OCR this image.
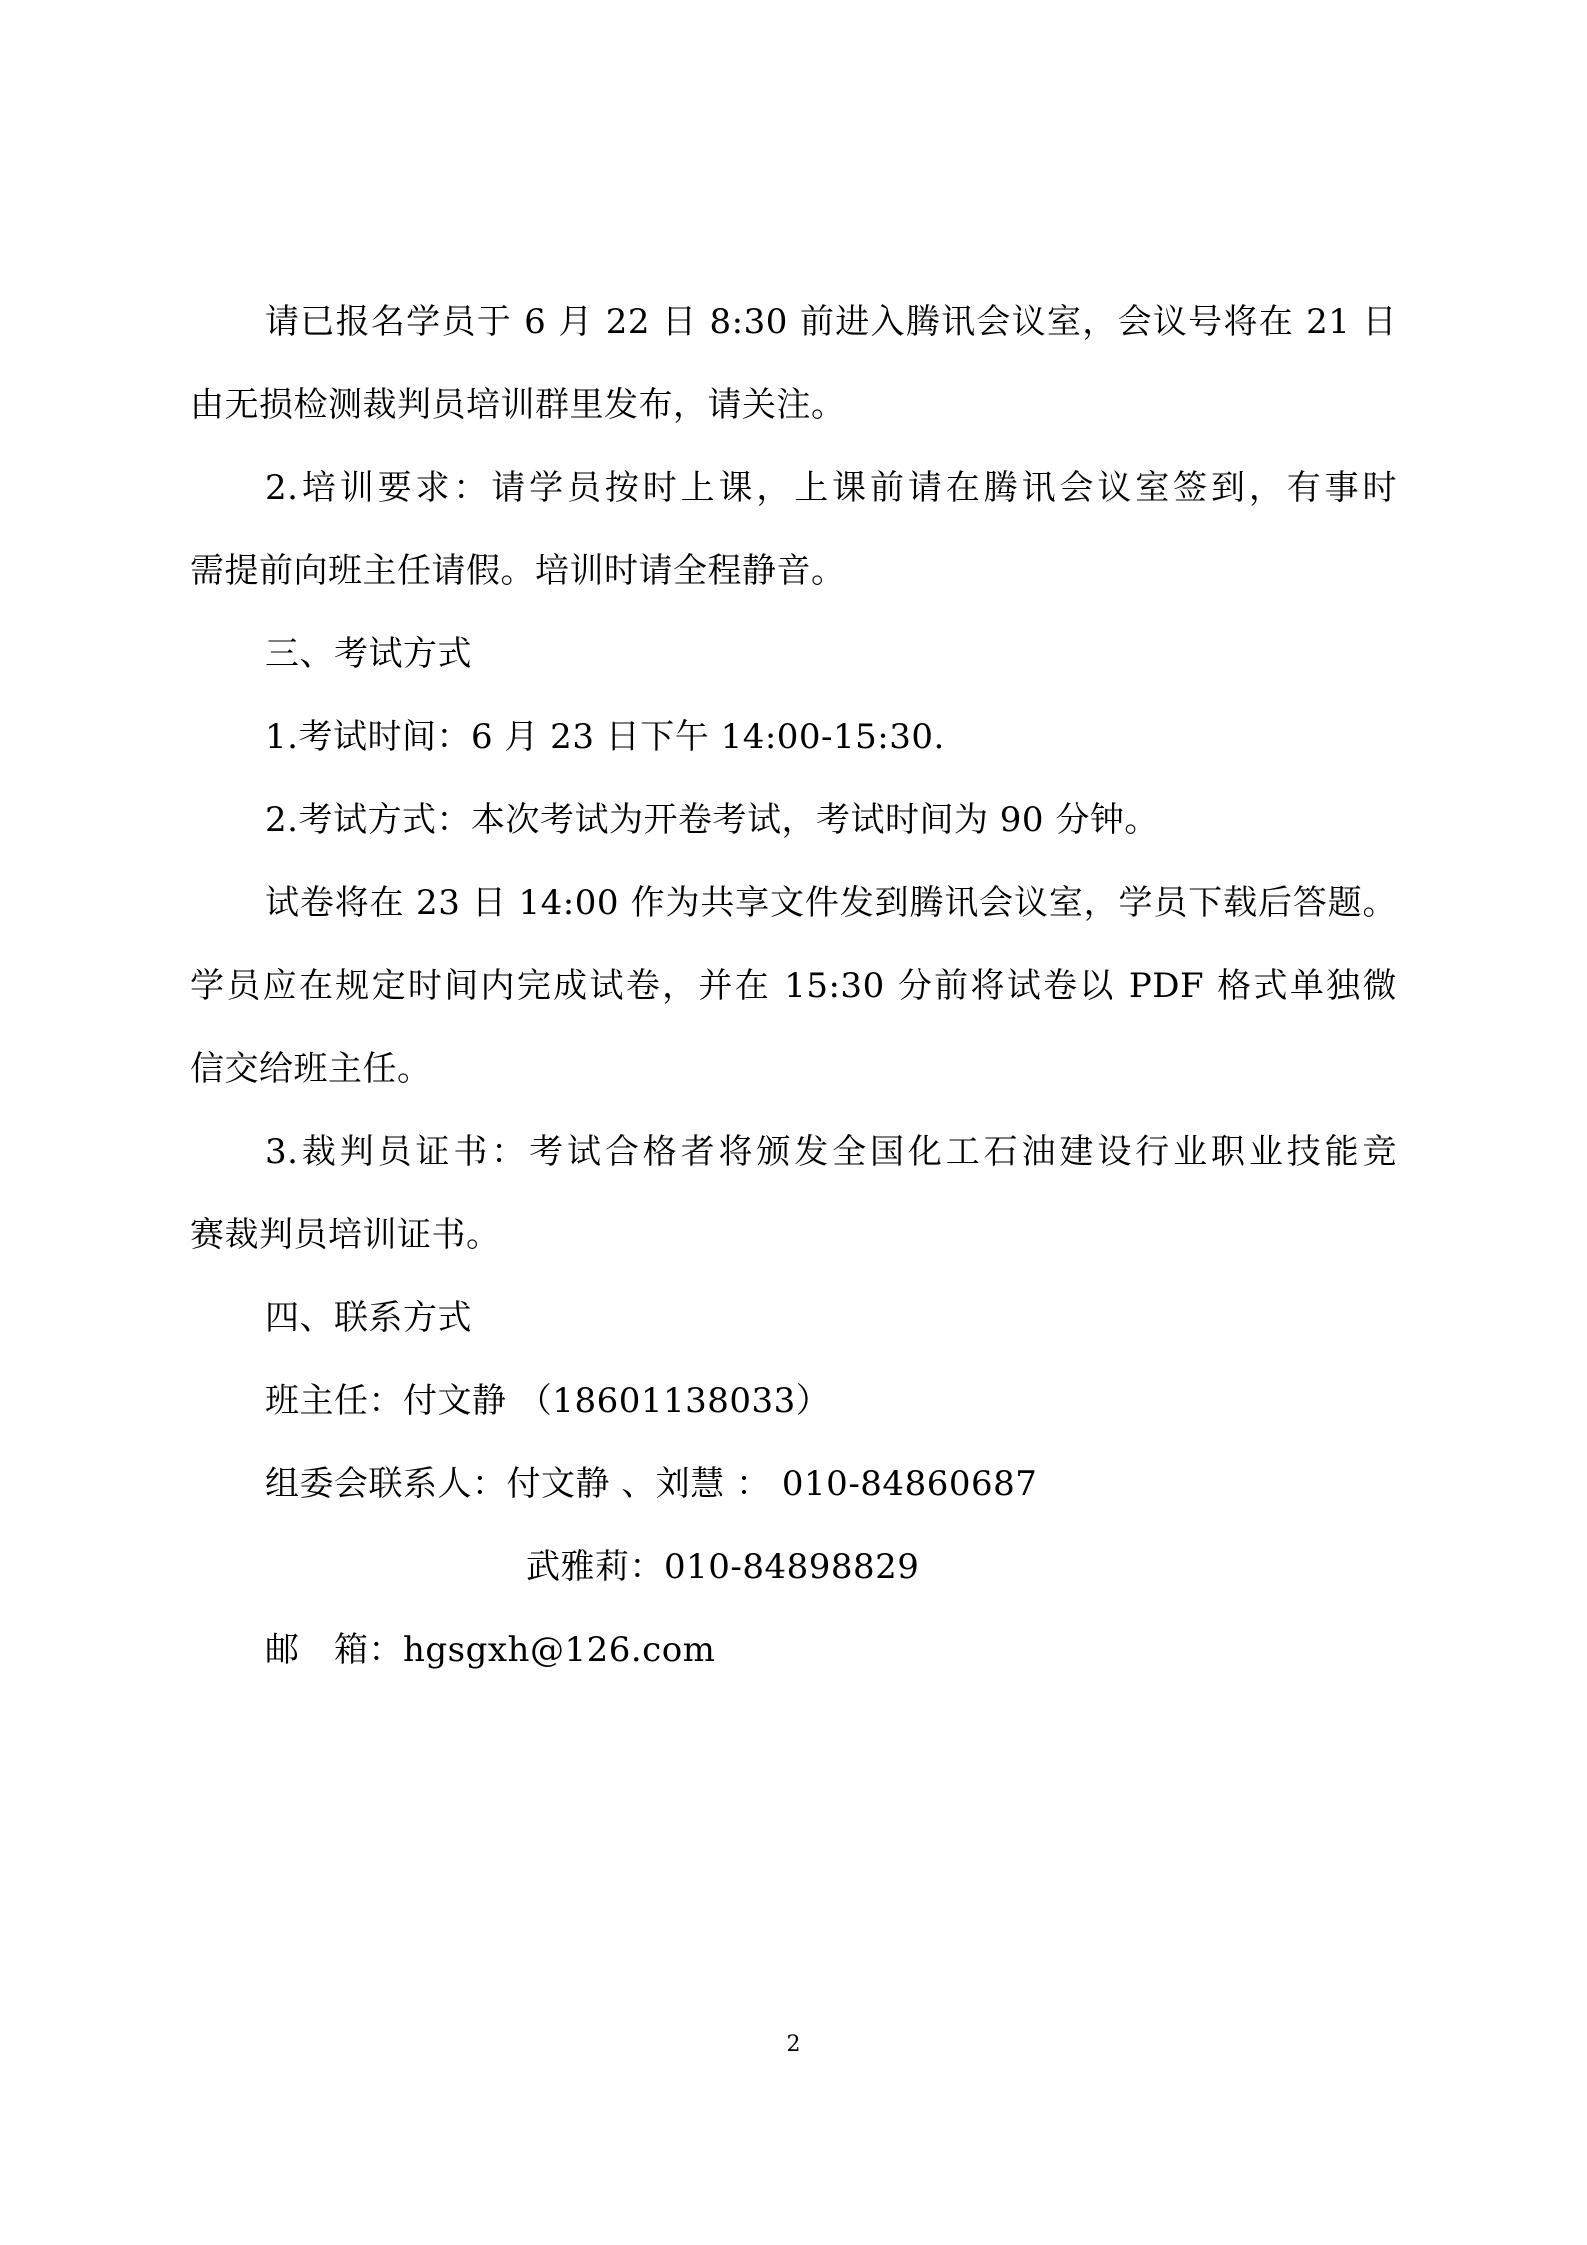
请已报名学员于 6 月 22 日 8:30 前进入腾讯会议室，会议号将在 21 日
由无损检测裁判员培训群里发布，请关注。
2.培训要求：请学员按时上课，上课前请在腾讯会议室签到，有事时
需提前向班主任请假。培训时请全程静音。
三、考试方式
1.考试时间：6 月 23 日下午 14:00-15:30.
2.考试方式：本次考试为开卷考试，考试时间为 90 分钟。
试卷将在 23 日 14:00 作为共享文件发到腾讯会议室，学员下载后答题。
学员应在规定时间内完成试卷，并在 15:30 分前将试卷以 PDF 格式单独微
信交给班主任。
3.裁判员证书：考试合格者将颁发全国化工石油建设行业职业技能竞
赛裁判员培训证书。
四、联系方式
班主任：付文静 （18601138033）
组委会联系人：付文静 、刘慧 ： 010-84860687
武雅莉：010-84898829
邮　箱：hgsgxh@126.com
2
